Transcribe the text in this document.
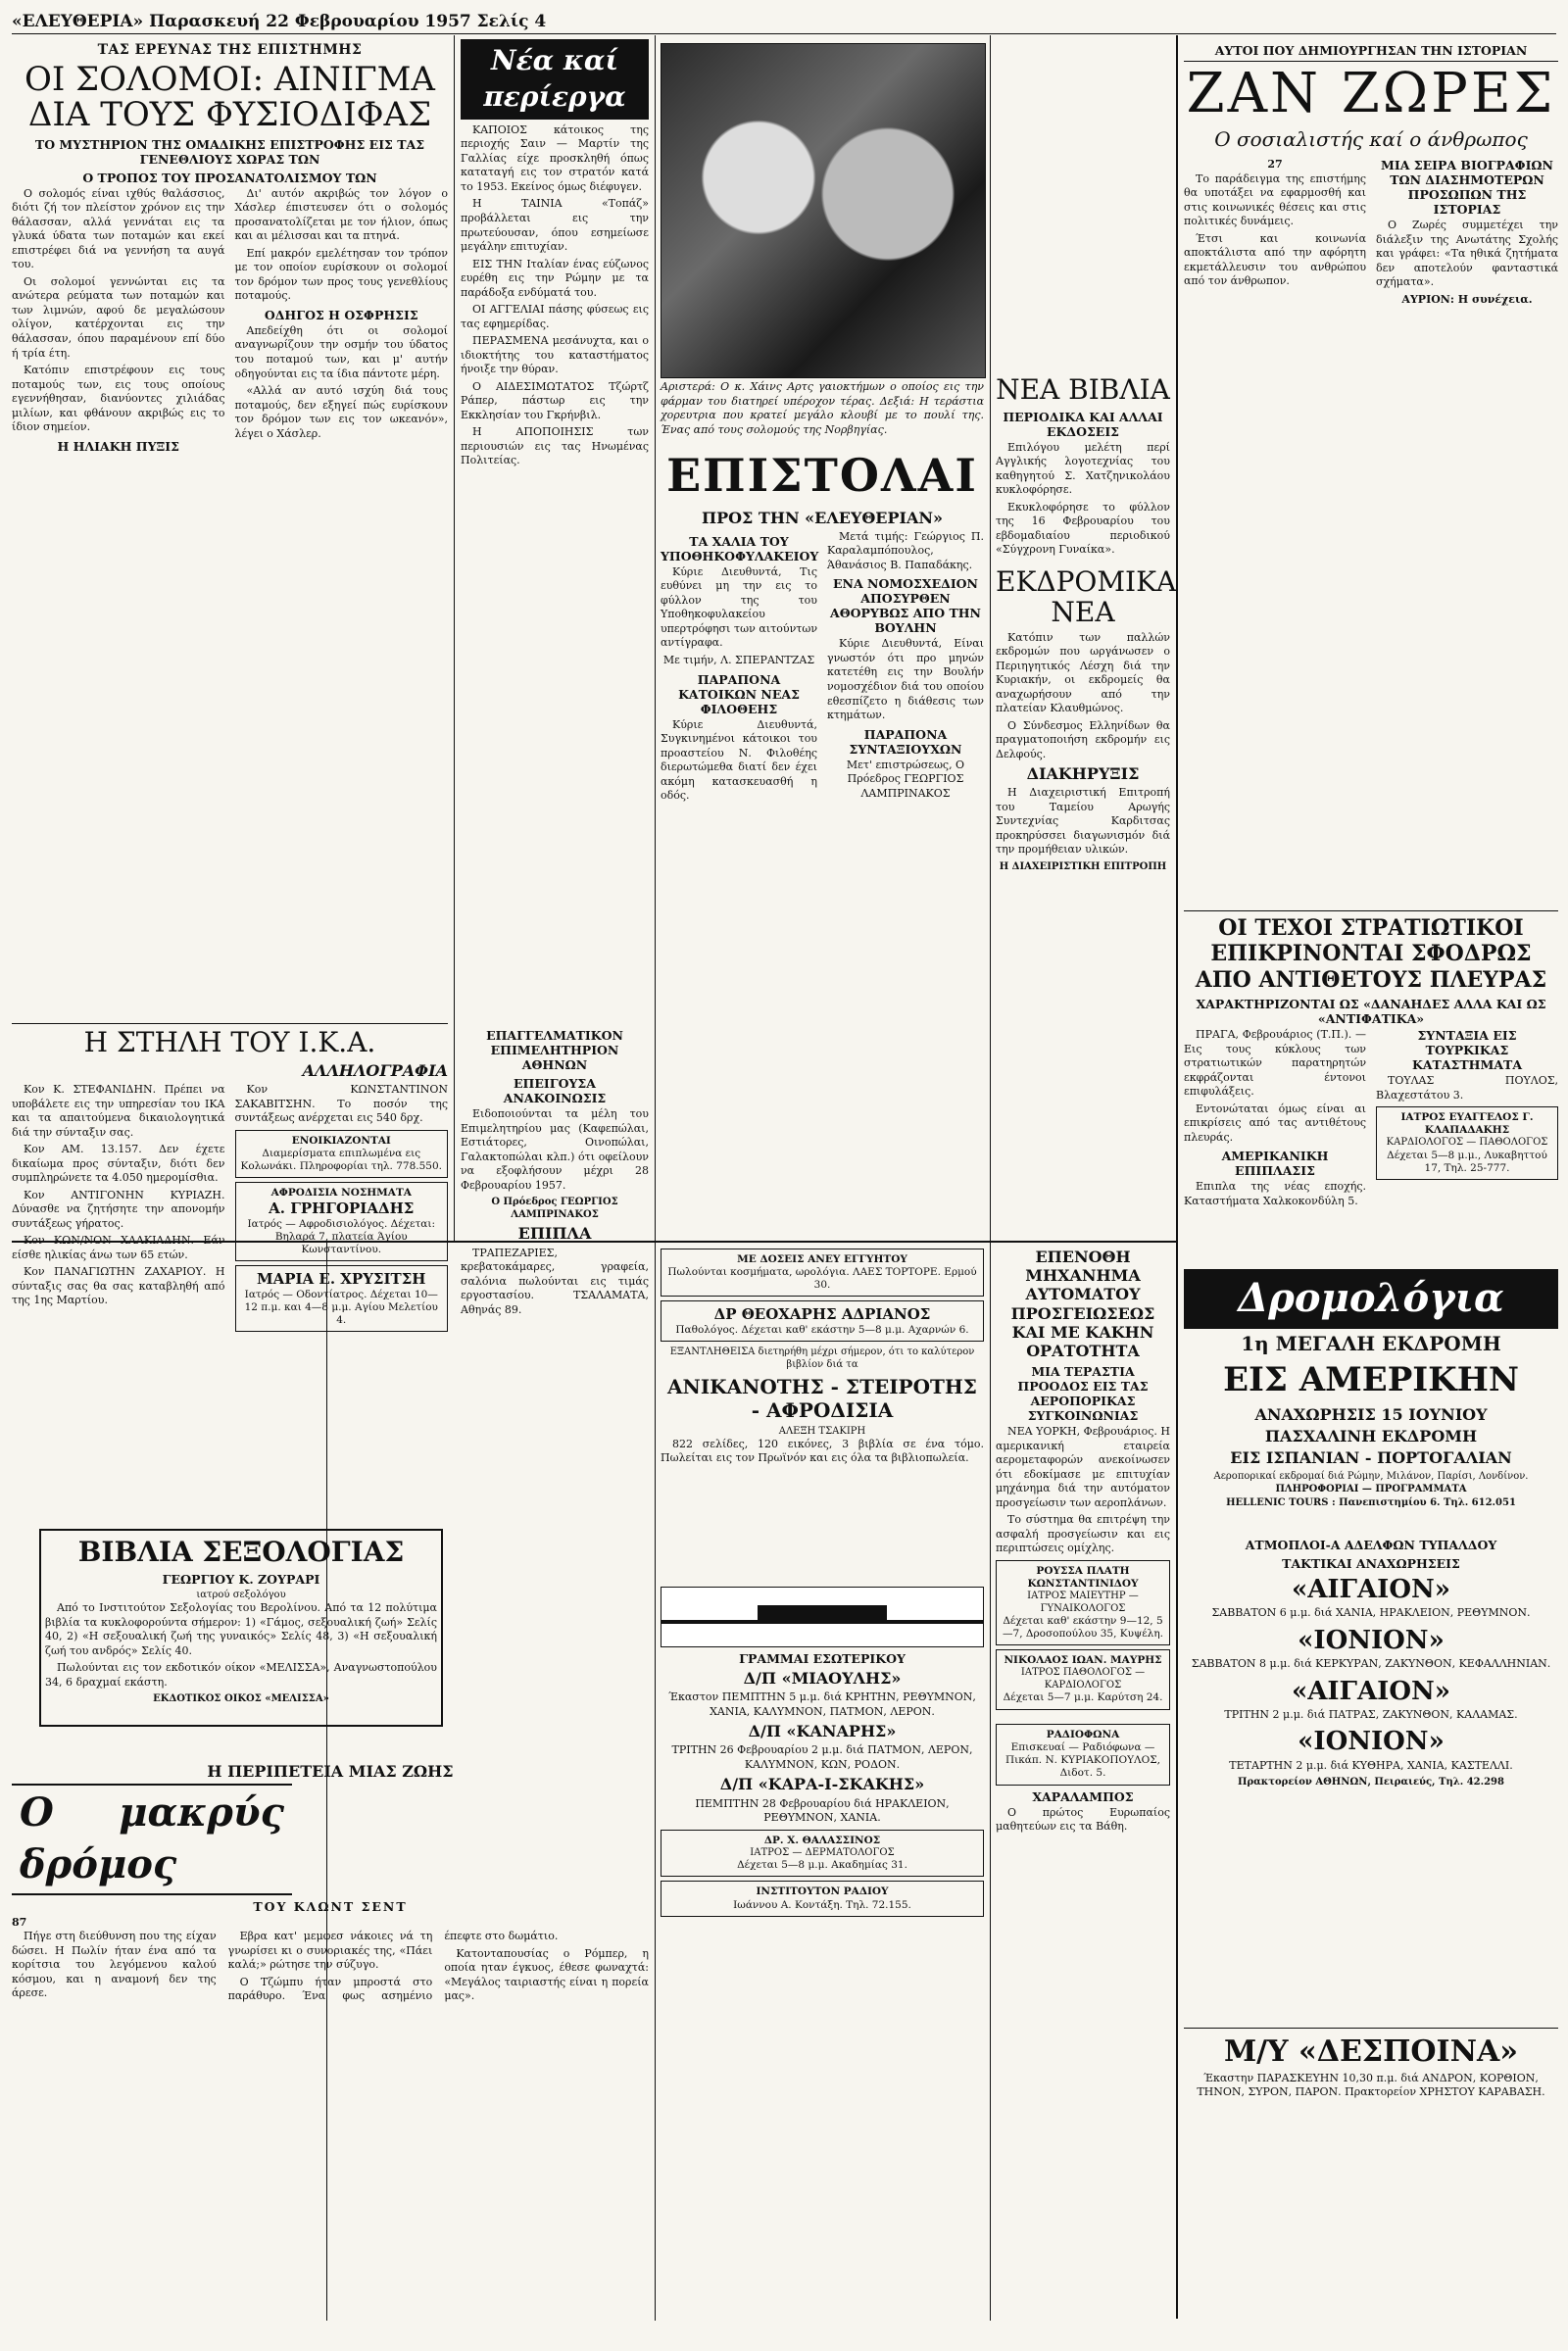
«ΕΛΕΥΘΕΡΙΑ» Παρασκευή 22 Φεβρουαρίου 1957 Σελίς 4
ΤΑΣ ΕΡΕΥΝΑΣ ΤΗΣ ΕΠΙΣΤΗΜΗΣ
ΟΙ ΣΟΛΟΜΟΙ: ΑΙΝΙΓΜΑ ΔΙΑ ΤΟΥΣ ΦΥΣΙΟΔΙΦΑΣ
ΤΟ ΜΥΣΤΗΡΙΟΝ ΤΗΣ ΟΜΑΔΙΚΗΣ ΕΠΙΣΤΡΟΦΗΣ ΕΙΣ ΤΑΣ ΓΕΝΕΘΛΙΟΥΣ ΧΩΡΑΣ ΤΩΝ
Ο ΤΡΟΠΟΣ ΤΟΥ ΠΡΟΣΑΝΑΤΟΛΙΣΜΟΥ ΤΩΝ

Ο σολομός είναι ιχθύς θαλάσσιος, διότι ζή τον πλείστον χρόνον εις την θάλασσαν, αλλά γεννάται εις τα γλυκά ύδατα των ποταμών και εκεί επιστρέφει διά να γεννήση τα αυγά του.

Οι σολομοί γεννώνται εις τα ανώτερα ρεύματα των ποταμών και των λιμνών, αφού δε μεγαλώσουν ολίγον, κατέρχονται εις την θάλασσαν, όπου παραμένουν επί δύο ή τρία έτη.

Κατόπιν επιστρέφουν εις τους ποταμούς των, εις τους οποίους εγεννήθησαν, διανύοντες χιλιάδας μιλίων, και φθάνουν ακριβώς εις το ίδιον σημείον.

Η ΗΛΙΑΚΗ ΠΥΞΙΣ

Δι' αυτόν ακριβώς τον λόγον ο Χάσλερ έπιστευσεν ότι ο σολομός προσανατολίζεται με τον ήλιον, όπως και αι μέλισσαι και τα πτηνά.

Επί μακρόν εμελέτησαν τον τρόπον με τον οποίον ευρίσκουν οι σολομοί τον δρόμον των προς τους γενεθλίους ποταμούς.

ΟΔΗΓΟΣ Η ΟΣΦΡΗΣΙΣ

Απεδείχθη ότι οι σολομοί αναγνωρίζουν την οσμήν του ύδατος του ποταμού των, και μ' αυτήν οδηγούνται εις τα ίδια πάντοτε μέρη.

«Αλλά αν αυτό ισχύη διά τους ποταμούς, δεν εξηγεί πώς ευρίσκουν τον δρόμον των εις τον ωκεανόν», λέγει ο Χάσλερ.

Η ΣΤΗΛΗ ΤΟΥ Ι.Κ.Α.
ΑΛΛΗΛΟΓΡΑΦΙΑ

Κον Κ. ΣΤΕΦΑΝΙΔΗΝ. Πρέπει να υποβάλετε εις την υπηρεσίαν του ΙΚΑ και τα απαιτούμενα δικαιολογητικά διά την σύνταξιν σας.

Κον ΑΜ. 13.157. Δεν έχετε δικαίωμα προς σύνταξιν, διότι δεν συμπληρώνετε τα 4.050 ημερομίσθια.

Κον ΑΝΤΙΓΟΝΗΝ ΚΥΡΙΑΖΗ. Δύνασθε να ζητήσητε την απονομήν συντάξεως γήρατος.

Κον ΚΩΝ/ΝΟΝ ΧΑΛΚΙΑΔΗΝ. Εάν είσθε ηλικίας άνω των 65 ετών.

Κον ΠΑΝΑΓΙΩΤΗΝ ΖΑΧΑΡΙΟΥ. Η σύνταξις σας θα σας καταβληθή από της 1ης Μαρτίου.

Κον ΚΩΝΣΤΑΝΤΙΝΟΝ ΣΑΚΑΒΙΤΣΗΝ. Το ποσόν της συντάξεως ανέρχεται εις 540 δρχ.

ΕΝΟΙΚΙΑΖΟΝΤΑΙ
Διαμερίσματα επιπλωμένα εις Κολωνάκι. Πληροφορίαι τηλ. 778.550.
ΑΦΡΟΔΙΣΙΑ ΝΟΣΗΜΑΤΑ
Α. ΓΡΗΓΟΡΙΑΔΗΣ
Ιατρός — Αφροδισιολόγος. Δέχεται: Βηλαρά 7, πλατεία Άγίου Κωνσταντίνου.
ΜΑΡΙΑ Ε. ΧΡΥΣΙΤΣΗ
Ιατρός — Οδοντίατρος. Δέχεται 10—12 π.μ. και 4—8 μ.μ. Αγίου Μελετίου 4.
ΒΙΒΛΙΑ ΣΕΞΟΛΟΓΙΑΣ
ΓΕΩΡΓΙΟΥ Κ. ΖΟΥΡΑΡΙ
ιατρού σεξολόγου

Από το Ινστιτούτον Σεξολογίας του Βερολίνου. Από τα 12 πολύτιμα βιβλία τα κυκλοφορούντα σήμερον: 1) «Γάμος, σεξουαλική ζωή» Σελίς 40, 2) «Η σεξουαλική ζωή της γυναικός» Σελίς 48, 3) «Η σεξουαλική ζωή του ανδρός» Σελίς 40.

Πωλούνται εις τον εκδοτικόν οίκον «ΜΕΛΙΣΣΑ», Αναγνωστοπούλου 34, 6 δραχμαί εκάστη.

ΕΚΔΟΤΙΚΟΣ ΟΙΚΟΣ «ΜΕΛΙΣΣΑ»
Η ΠΕΡΙΠΕΤΕΙΑ ΜΙΑΣ ΖΩΗΣ
Ο μακρύς δρόμος
ΤΟΥ ΚΛΩΝΤ ΣΕΝΤ
87

Πήγε στη διεύθυνση που της είχαν δώσει. Η Πωλίν ήταν ένα από τα κορίτσια του λεγόμενου καλού κόσμου, και η αναμονή δεν της άρεσε.

Εβρα κατ' μεμφεσ νάκοιες νά τη γνωρίσει κι ο συνοριακές της, «Πάει καλά;» ρώτησε την σύζυγο.

Ο Τζώμπυ ήταν μπροστά στο παράθυρο. Ένα φως ασημένιο έπεφτε στο δωμάτιο.

Κατονταπουσίας ο Ρόμπερ, η οποία ηταν έγκυος, έθεσε φωναχτά: «Μεγάλος ταιριαστής είναι η πορεία μας».

Νέα καί περίεργα

ΚΑΠΟΙΟΣ κάτοικος της περιοχής Σαιν — Μαρτίν της Γαλλίας είχε προσκληθή όπως καταταγή εις τον στρατόν κατά το 1953. Εκείνος όμως διέφυγεν.

Η ΤΑΙΝΙΑ «Τοπάζ» προβάλλεται εις την πρωτεύουσαν, όπου εσημείωσε μεγάλην επιτυχίαν.

ΕΙΣ ΤΗΝ Ιταλίαν ένας εύζωνος ευρέθη εις την Ρώμην με τα παράδοξα ενδύματά του.

ΟΙ ΑΓΓΕΛΙΑΙ πάσης φύσεως εις τας εφημερίδας.

ΠΕΡΑΣΜΕΝΑ μεσάνυχτα, και ο ιδιοκτήτης του καταστήματος ήνοιξε την θύραν.

Ο ΑΙΔΕΣΙΜΩΤΑΤΟΣ Τζώρτζ Ράπερ, πάστωρ εις την Εκκλησίαν του Γκρήνβιλ.

Η ΑΠΟΠΟΙΗΣΙΣ των περιουσιών εις τας Ηνωμένας Πολιτείας.

ΕΠΑΓΓΕΛΜΑΤΙΚΟΝ ΕΠΙΜΕΛΗΤΗΡΙΟΝ ΑΘΗΝΩΝ
ΕΠΕΙΓΟΥΣΑ ΑΝΑΚΟΙΝΩΣΙΣ

Ειδοποιούνται τα μέλη του Επιμελητηρίου μας (Καφεπώλαι, Εστιάτορες, Οινοπώλαι, Γαλακτοπώλαι κλπ.) ότι οφείλουν να εξοφλήσουν μέχρι 28 Φεβρουαρίου 1957.

Ο Πρόεδρος ΓΕΩΡΓΙΟΣ ΛΑΜΠΡΙΝΑΚΟΣ
ΕΠΙΠΛΑ

ΤΡΑΠΕΖΑΡΙΕΣ, κρεβατοκάμαρες, γραφεία, σαλόνια πωλούνται εις τιμάς εργοστασίου. ΤΣΑΛΑΜΑΤΑ, Αθηνάς 89.

Αριστερά: Ο κ. Χάινς Αρτς γαιοκτήμων ο οποίος εις την φάρμαν του διατηρεί υπέροχον τέρας. Δεξιά: Η τεράστια χορευτρια που κρατεί μεγάλο κλουβί με το πουλί της. Ένας από τους σολομούς της Νορβηγίας.
ΕΠΙΣΤΟΛΑΙ
ΠΡΟΣ ΤΗΝ «ΕΛΕΥΘΕΡΙΑΝ»
ΤΑ ΧΑΛΙΑ ΤΟΥ ΥΠΟΘΗΚΟΦΥΛΑΚΕΙΟΥ

Κύριε Διευθυντά, Τις ευθύνει μη την εις το φύλλον της του Υποθηκοφυλακείου υπερτρόφησι των αιτούντων αντίγραφα.

Με τιμήν, Λ. ΣΠΕΡΑΝΤΖΑΣ

ΠΑΡΑΠΟΝΑ ΚΑΤΟΙΚΩΝ ΝΕΑΣ ΦΙΛΟΘΕΗΣ

Κύριε Διευθυντά, Συγκινημένοι κάτοικοι του προαστείου Ν. Φιλοθέης διερωτώμεθα διατί δεν έχει ακόμη κατασκευασθή η οδός.

Μετά τιμής: Γεώργιος Π. Καραλαμπόπουλος, Άθανάσιος Β. Παπαδάκης.

ΕΝΑ ΝΟΜΟΣΧΕΔΙΟΝ ΑΠΟΣΥΡΘΕΝ ΑΘΟΡΥΒΩΣ ΑΠΟ ΤΗΝ ΒΟΥΛΗΝ

Κύριε Διευθυντά, Είναι γνωστόν ότι προ μηνών κατετέθη εις την Βουλήν νομοσχέδιον διά του οποίου εθεσπίζετο η διάθεσις των κτημάτων.

ΠΑΡΑΠΟΝΑ ΣΥΝΤΑΞΙΟΥΧΩΝ

Μετ' επιστρώσεως, Ο Πρόεδρος ΓΕΩΡΓΙΟΣ ΛΑΜΠΡΙΝΑΚΟΣ

ΝΕΑ ΒΙΒΛΙΑ
ΠΕΡΙΟΔΙΚΑ ΚΑΙ ΑΛΛΑΙ ΕΚΔΟΣΕΙΣ

Επιλόγου μελέτη περί Αγγλικής λογοτεχνίας του καθηγητού Σ. Χατζηνικολάου κυκλοφόρησε.

Εκυκλοφόρησε το φύλλον της 16 Φεβρουαρίου του εβδομαδιαίου περιοδικού «Σύγχρονη Γυναίκα».

ΕΚΔΡΟΜΙΚΑ ΝΕΑ

Κατόπιν των παλλών εκδρομών που ωργάνωσεν ο Περιηγητικός Λέσχη διά την Κυριακήν, οι εκδρομείς θα αναχωρήσουν από την πλατείαν Κλαυθμώνος.

Ο Σύνδεσμος Ελληνίδων θα πραγματοποιήση εκδρομήν εις Δελφούς.

ΔΙΑΚΗΡΥΞΙΣ

Η Διαχειριστική Επιτροπή του Ταμείου Αρωγής Συντεχνίας Καρδιτσας προκηρύσσει διαγωνισμόν διά την προμήθειαν υλικών.

Η ΔΙΑΧΕΙΡΙΣΤΙΚΗ ΕΠΙΤΡΟΠΗ
ΜΕ ΔΟΣΕΙΣ ΑΝΕΥ ΕΓΓΥΗΤΟΥ
Πωλούνται κοσμήματα, ωρολόγια. ΛΑΕΣ ΤΟΡΤΟΡΕ. Ερμού 30.
ΔΡ ΘΕΟΧΑΡΗΣ ΑΔΡΙΑΝΟΣ
Παθολόγος. Δέχεται καθ' εκάστην 5—8 μ.μ. Αχαρνών 6.
ΕΞΑΝΤΛΗΘΕΙΣΑ διετηρήθη μέχρι σήμερον, ότι το καλύτερον βιβλίον διά τα
ΑΝΙΚΑΝΟΤΗΣ - ΣΤΕΙΡΟΤΗΣ - ΑΦΡΟΔΙΣΙΑ
ΑΛΕΞΗ ΤΣΑΚΙΡΗ

822 σελίδες, 120 εικόνες, 3 βιβλία σε ένα τόμο. Πωλείται εις τον Πρωϊνόν και εις όλα τα βιβλιοπωλεία.

ΕΠΕΝΟΘΗ ΜΗΧΑΝΗΜΑ ΑΥΤΟΜΑΤΟΥ ΠΡΟΣΓΕΙΩΣΕΩΣ ΚΑΙ ΜΕ ΚΑΚΗΝ ΟΡΑΤΟΤΗΤΑ
ΜΙΑ ΤΕΡΑΣΤΙΑ ΠΡΟΟΔΟΣ ΕΙΣ ΤΑΣ ΑΕΡΟΠΟΡΙΚΑΣ ΣΥΓΚΟΙΝΩΝΙΑΣ

ΝΕΑ ΥΟΡΚΗ, Φεβρουάριος. Η αμερικανική εταιρεία αερομεταφορών ανεκοίνωσεν ότι εδοκίμασε με επιτυχίαν μηχάνημα διά την αυτόματον προσγείωσιν των αεροπλάνων.

Το σύστημα θα επιτρέψη την ασφαλή προσγείωσιν και εις περιπτώσεις ομίχλης.

ΡΟΥΣΣΑ ΠΛΑΤΗ ΚΩΝΣΤΑΝΤΙΝΙΔΟΥ
ΙΑΤΡΟΣ ΜΑΙΕΥΤΗΡ — ΓΥΝΑΙΚΟΛΟΓΟΣ
Δέχεται καθ' εκάστην 9—12, 5—7, Δροσοπούλου 35, Κυψέλη.
ΝΙΚΟΛΑΟΣ ΙΩΑΝ. ΜΑΥΡΗΣ
ΙΑΤΡΟΣ ΠΑΘΟΛΟΓΟΣ — ΚΑΡΔΙΟΛΟΓΟΣ
Δέχεται 5—7 μ.μ. Καρύτση 24.
ΓΡΑΜΜΑΙ ΕΣΩΤΕΡΙΚΟΥ
Δ/Π «ΜΙΑΟΥΛΗΣ»

Έκαστον ΠΕΜΠΤΗΝ 5 μ.μ. διά ΚΡΗΤΗΝ, ΡΕΘΥΜΝΟΝ, ΧΑΝΙΑ, ΚΑΛΥΜΝΟΝ, ΠΑΤΜΟΝ, ΛΕΡΟΝ.

Δ/Π «ΚΑΝΑΡΗΣ»

ΤΡΙΤΗΝ 26 Φεβρουαρίου 2 μ.μ. διά ΠΑΤΜΟΝ, ΛΕΡΟΝ, ΚΑΛΥΜΝΟΝ, ΚΩΝ, ΡΟΔΟΝ.

Δ/Π «ΚΑΡΑ-Ι-ΣΚΑΚΗΣ»

ΠΕΜΠΤΗΝ 28 Φεβρουαρίου διά ΗΡΑΚΛΕΙΟΝ, ΡΕΘΥΜΝΟΝ, ΧΑΝΙΑ.

ΔΡ. Χ. ΘΑΛΑΣΣΙΝΟΣ
ΙΑΤΡΟΣ — ΔΕΡΜΑΤΟΛΟΓΟΣ
Δέχεται 5—8 μ.μ. Ακαδημίας 31.
ΙΝΣΤΙΤΟΥΤΟΝ ΡΑΔΙΟΥ
Ιωάννου Α. Κοντάξη. Τηλ. 72.155.
ΡΑΔΙΟΦΩΝΑ
Επισκευαί — Ραδιόφωνα — Πικάπ. Ν. ΚΥΡΙΑΚΟΠΟΥΛΟΣ, Διδοτ. 5.
ΧΑΡΑΛΑΜΠΟΣ

Ο πρώτος Ευρωπαίος μαθητεύων εις τα Βάθη.

ΑΥΤΟΙ ΠΟΥ ΔΗΜΙΟΥΡΓΗΣΑΝ ΤΗΝ ΙΣΤΟΡΙΑΝ
ΖΑΝ ΖΩΡΕΣ
Ο σοσιαλιστής καί ο άνθρωπος
27

Το παράδειγμα της επιστήμης θα υποτάξει να εφαρμοσθή και στις κοινωνικές θέσεις και στις πολιτικές δυνάμεις.

Έτσι και κοινωνία αποκτάλιστα από την αφόρητη εκμετάλλευσιν του ανθρώπου από τον άνθρωπον.

ΜΙΑ ΣΕΙΡΑ ΒΙΟΓΡΑΦΙΩΝ ΤΩΝ ΔΙΑΣΗΜΟΤΕΡΩΝ ΠΡΟΣΩΠΩΝ ΤΗΣ ΙΣΤΟΡΙΑΣ

Ο Ζωρές συμμετέχει την διάλεξιν της Ανωτάτης Σχολής και γράφει: «Τα ηθικά ζητήματα δεν αποτελούν φανταστικά σχήματα».

ΑΥΡΙΟΝ: Η συνέχεια.

ΟΙ ΤΕΧΟΙ ΣΤΡΑΤΙΩΤΙΚΟΙ ΕΠΙΚΡΙΝΟΝΤΑΙ ΣΦΟΔΡΩΣ ΑΠΟ ΑΝΤΙΘΕΤΟΥΣ ΠΛΕΥΡΑΣ
ΧΑΡΑΚΤΗΡΙΖΟΝΤΑΙ ΩΣ «ΔΑΝΑΗΔΕΣ ΑΛΛΑ ΚΑΙ ΩΣ «ΑΝΤΙΦΑΤΙΚΑ»

ΠΡΑΓΑ, Φεβρουάριος (Τ.Π.). — Εις τους κύκλους των στρατιωτικών παρατηρητών εκφράζονται έντονοι επιφυλάξεις.

Εντονώταται όμως είναι αι επικρίσεις από τας αντιθέτους πλευράς.

ΑΜΕΡΙΚΑΝΙΚΗ ΕΠΙΠΛΑΣΙΣ

Επιπλα της νέας εποχής. Καταστήματα Χαλκοκονδύλη 5.

ΣΥΝΤΑΞΙΑ ΕΙΣ ΤΟΥΡΚΙΚΑΣ ΚΑΤΑΣΤΗΜΑΤΑ

ΤΟΥΛΑΣ ΠΟΥΛΟΣ, Βλαχεστάτου 3.

ΙΑΤΡΟΣ ΕΥΑΓΓΕΛΟΣ Γ. ΚΛΑΠΑΔΑΚΗΣ
ΚΑΡΔΙΟΛΟΓΟΣ — ΠΑΘΟΛΟΓΟΣ
Δέχεται 5—8 μ.μ., Λυκαβηττού 17, Τηλ. 25-777.
Δρομολόγια
1η ΜΕΓΑΛΗ ΕΚΔΡΟΜΗ
ΕΙΣ ΑΜΕΡΙΚΗΝ
ΑΝΑΧΩΡΗΣΙΣ 15 ΙΟΥΝΙΟΥ
ΠΑΣΧΑΛΙΝΗ ΕΚΔΡΟΜΗ
ΕΙΣ ΙΣΠΑΝΙΑΝ - ΠΟΡΤΟΓΑΛΙΑΝ
Αεροπορικαί εκδρομαί διά Ρώμην, Μιλάνον, Παρίσι, Λονδίνον.
ΠΛΗΡΟΦΟΡΙΑΙ — ΠΡΟΓΡΑΜΜΑΤΑ
HELLENIC TOURS : Πανεπιστημίου 6. Τηλ. 612.051
ΑΤΜΟΠΛΟΙ-Α ΑΔΕΛΦΩΝ ΤΥΠΑΛΔΟΥ
ΤΑΚΤΙΚΑΙ ΑΝΑΧΩΡΗΣΕΙΣ
«ΑΙΓΑΙΟΝ»

ΣΑΒΒΑΤΟΝ 6 μ.μ. διά ΧΑΝΙΑ, ΗΡΑΚΛΕΙΟΝ, ΡΕΘΥΜΝΟΝ.

«ΙΟΝΙΟΝ»

ΣΑΒΒΑΤΟΝ 8 μ.μ. διά ΚΕΡΚΥΡΑΝ, ΖΑΚΥΝΘΟΝ, ΚΕΦΑΛΛΗΝΙΑΝ.

«ΑΙΓΑΙΟΝ»

ΤΡΙΤΗΝ 2 μ.μ. διά ΠΑΤΡΑΣ, ΖΑΚΥΝΘΟΝ, ΚΑΛΑΜΑΣ.

«ΙΟΝΙΟΝ»

ΤΕΤΑΡΤΗΝ 2 μ.μ. διά ΚΥΘΗΡΑ, ΧΑΝΙΑ, ΚΑΣΤΕΛΛΙ.

Πρακτορείον ΑΘΗΝΩΝ, Πειραιεύς, Τηλ. 42.298
Μ/Υ «ΔΕΣΠΟΙΝΑ»

Έκαστην ΠΑΡΑΣΚΕΥΗΝ 10,30 π.μ. διά ΑΝΔΡΟΝ, ΚΟΡΘΙΟΝ, ΤΗΝΟΝ, ΣΥΡΟΝ, ΠΑΡΟΝ. Πρακτορείον ΧΡΗΣΤΟΥ ΚΑΡΑΒΑΣΗ.
